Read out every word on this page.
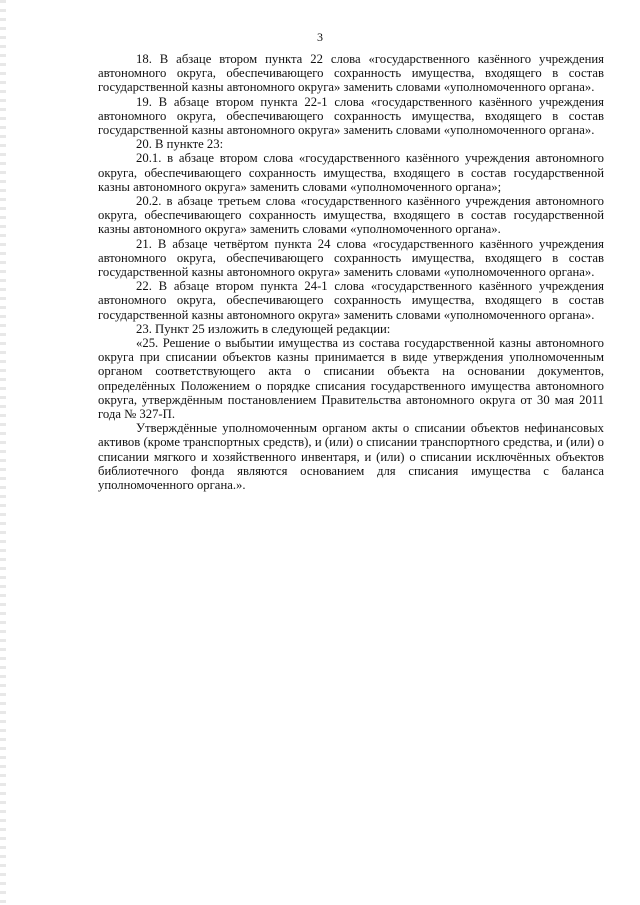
3

18. В абзаце втором пункта 22 слова «государственного казённого учреждения автономного округа, обеспечивающего сохранность имущества, входящего в состав государственной казны автономного округа» заменить словами «уполномоченного органа».

19. В абзаце втором пункта 22-1 слова «государственного казённого учреждения автономного округа, обеспечивающего сохранность имущества, входящего в состав государственной казны автономного округа» заменить словами «уполномоченного органа».

20. В пункте 23:

20.1. в абзаце втором слова «государственного казённого учреждения автономного округа, обеспечивающего сохранность имущества, входящего в состав государственной казны автономного округа» заменить словами «уполномоченного органа»;

20.2. в абзаце третьем слова «государственного казённого учреждения автономного округа, обеспечивающего сохранность имущества, входящего в состав государственной казны автономного округа» заменить словами «уполномоченного органа».

21. В абзаце четвёртом пункта 24 слова «государственного казённого учреждения автономного округа, обеспечивающего сохранность имущества, входящего в состав государственной казны автономного округа» заменить словами «уполномоченного органа».

22. В абзаце втором пункта 24-1 слова «государственного казённого учреждения автономного округа, обеспечивающего сохранность имущества, входящего в состав государственной казны автономного округа» заменить словами «уполномоченного органа».

23. Пункт 25 изложить в следующей редакции:

«25. Решение о выбытии имущества из состава государственной казны автономного округа при списании объектов казны принимается в виде утверждения уполномоченным органом соответствующего акта о списании объекта на основании документов, определённых Положением о порядке списания государственного имущества автономного округа, утверждённым постановлением Правительства автономного округа от 30 мая 2011 года № 327-П.

Утверждённые уполномоченным органом акты о списании объектов нефинансовых активов (кроме транспортных средств), и (или) о списании транспортного средства, и (или) о списании мягкого и хозяйственного инвентаря, и (или) о списании исключённых объектов библиотечного фонда являются основанием для списания имущества с баланса уполномоченного органа.».
